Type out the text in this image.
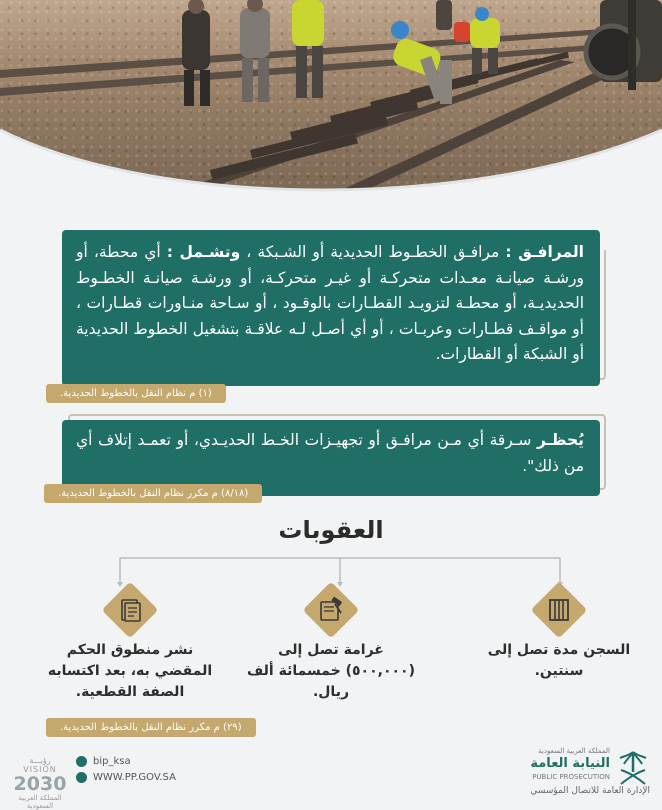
المرافـق : مرافـق الخطـوط الحديدية أو الشـبكة ، وتشـمل : أي محطة، أو ورشـة صيانـة معـدات متحركـة أو غيـر متحركـة، أو ورشـة صيانـة الخطـوط الحديديـة، أو محطـة لتزويـد القطـارات بالوقـود ، أو سـاحة منـاورات قطـارات ، أو مواقـف قطـارات وعربـات ، أو أي أصـل لـه علاقـة بتشغيل الخطوط الحديدية أو الشبكة أو القطارات.

(١) م نظام النقل بالخطوط الحديدية.

يُحظـر سـرقة أي مـن مرافـق أو تجهيـزات الخـط الحديـدي، أو تعمـد إتلاف أي من ذلك".

(٨/١٨) م مكرر نظام النقل بالخطوط الحديدية.
العقوبات
السجن مدة تصل إلى سنتين.
غرامة تصل إلى (٥٠٠,٠٠٠) خمسمائة ألف ريال.
نشر منطوق الحكم المقضي به، بعد اكتسابه الصفة القطعية.
(٢٩) م مكرر نظام النقل بالخطوط الحديدية.
رؤيـــة VISION
2030
المملكة العربية السعودية
bip_ksa
WWW.PP.GOV.SA
المملكة العربية السعودية
النيابة العامة
PUBLIC PROSECUTION
الإدارة العامة للاتصال المؤسسي
